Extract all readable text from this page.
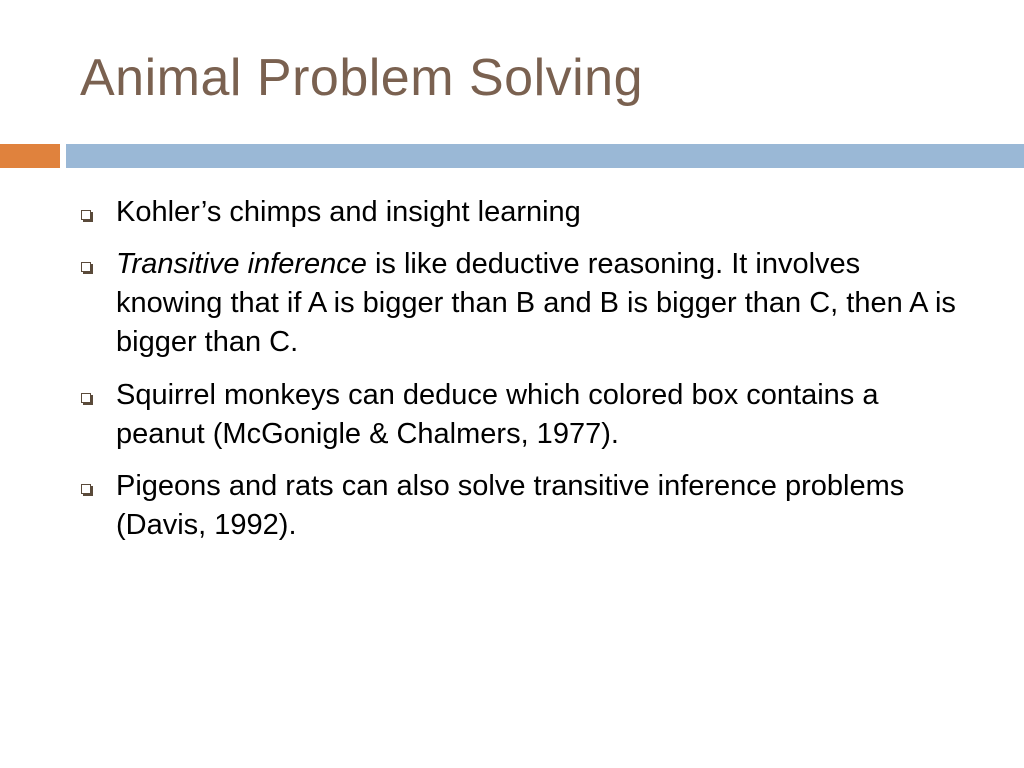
Animal Problem Solving
Kohler’s chimps and insight learning
Transitive inference is like deductive reasoning. It involves knowing that if A is bigger than B and B is bigger than C, then A is bigger than C.
Squirrel monkeys can deduce which colored box contains a peanut (McGonigle & Chalmers, 1977).
Pigeons and rats can also solve transitive inference problems (Davis, 1992).
